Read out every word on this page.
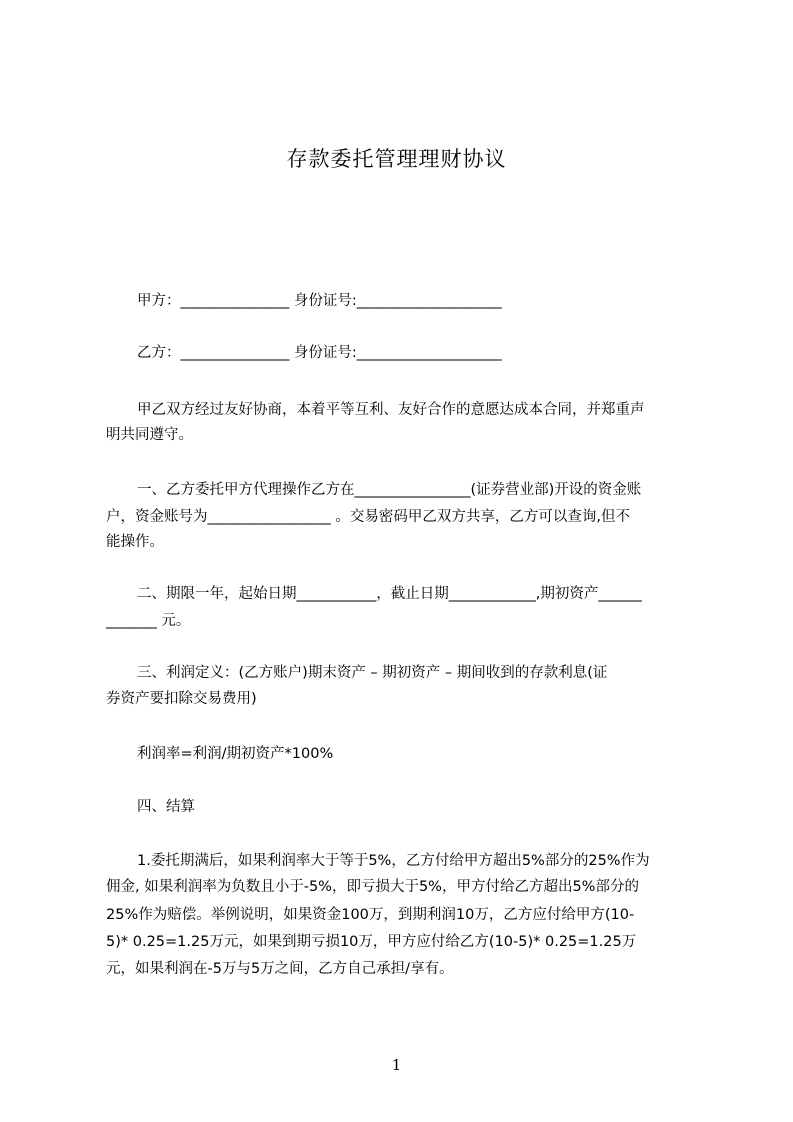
存款委托管理理财协议
甲方：_______________ 身份证号:____________________
乙方：_______________ 身份证号:____________________
甲乙双方经过友好协商，本着平等互利、友好合作的意愿达成本合同，并郑重声
明共同遵守。
一、乙方委托甲方代理操作乙方在________________(证券营业部)开设的资金账
户，资金账号为_________________ 。交易密码甲乙双方共享，乙方可以查询,但不
能操作。
二、期限一年，起始日期___________，截止日期____________,期初资产______
_______ 元。
三、利润定义：(乙方账户)期末资产 – 期初资产 – 期间收到的存款利息(证
券资产要扣除交易费用)
利润率=利润/期初资产*100%
四、结算
1.委托期满后，如果利润率大于等于5%，乙方付给甲方超出5%部分的25%作为
佣金, 如果利润率为负数且小于-5%，即亏损大于5%，甲方付给乙方超出5%部分的
25%作为赔偿。举例说明，如果资金100万，到期利润10万，乙方应付给甲方(10-
5)* 0.25=1.25万元，如果到期亏损10万，甲方应付给乙方(10-5)* 0.25=1.25万
元，如果利润在-5万与5万之间，乙方自己承担/享有。
1
